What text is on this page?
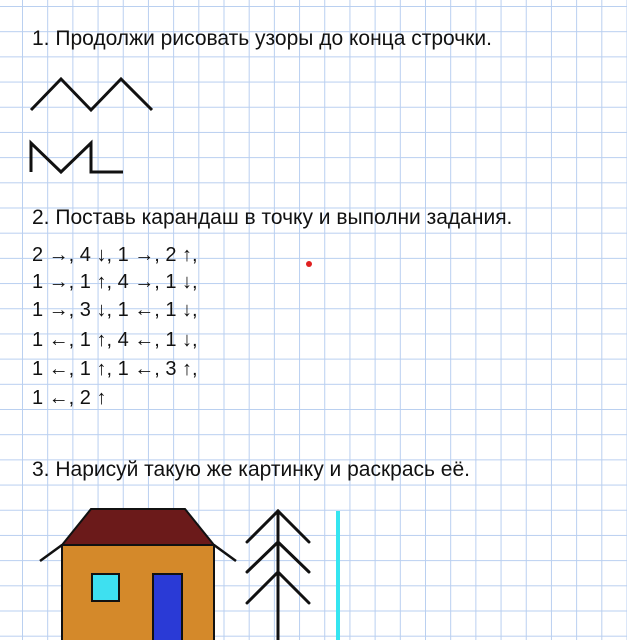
1. Продолжи рисовать узоры до конца строчки.

2. Поставь карандаш в точку и выполни задания.

2 →, 4 ↓, 1 →, 2 ↑,

1 →, 1 ↑, 4 →, 1 ↓,

1 →, 3 ↓, 1 ←, 1 ↓,

1 ←, 1 ↑, 4 ←, 1 ↓,

1 ←, 1 ↑, 1 ←, 3 ↑,

1 ←, 2 ↑

3. Нарисуй такую же картинку и раскрась её.
